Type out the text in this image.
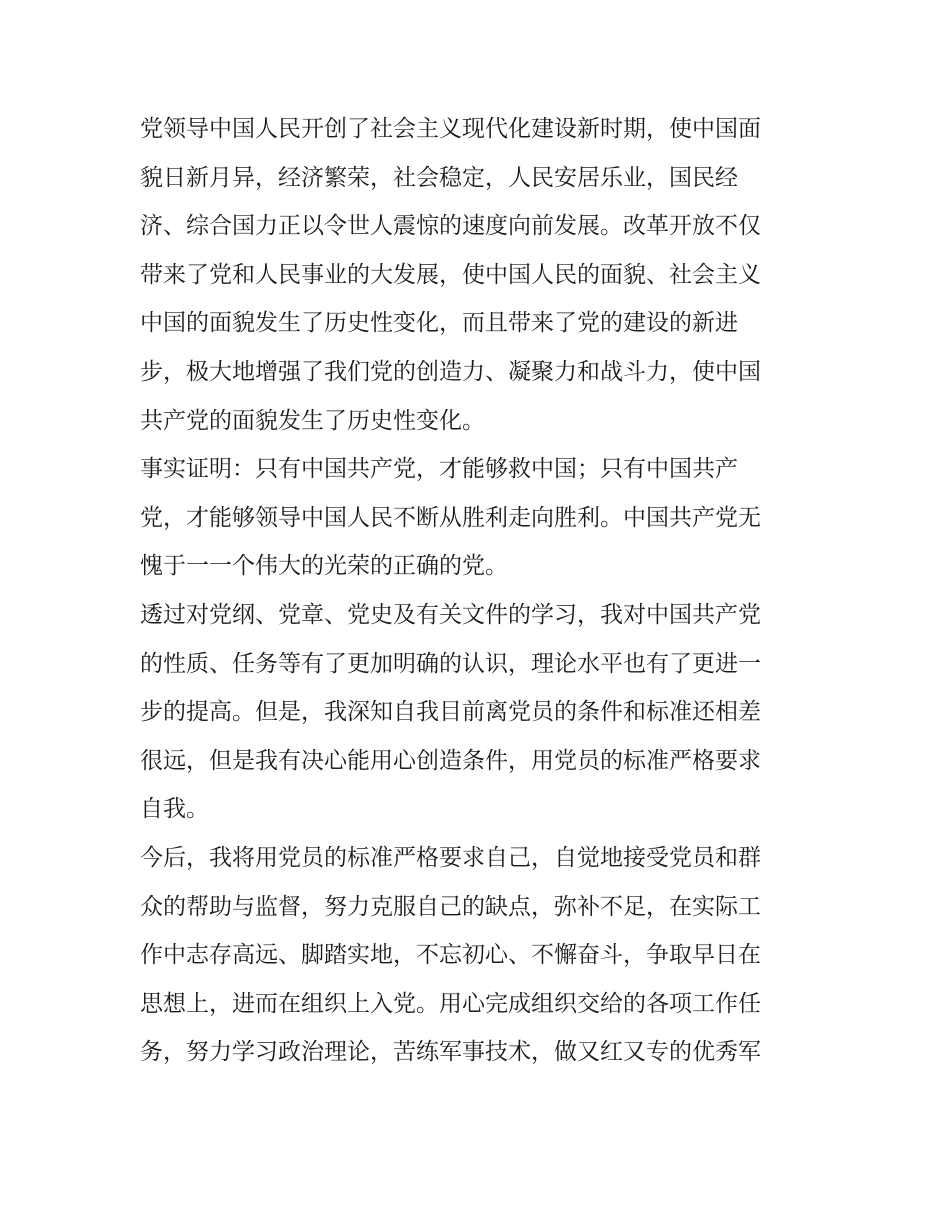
党领导中国人民开创了社会主义现代化建设新时期，使中国面
貌日新月异，经济繁荣，社会稳定，人民安居乐业，国民经
济、综合国力正以令世人震惊的速度向前发展。改革开放不仅
带来了党和人民事业的大发展，使中国人民的面貌、社会主义
中国的面貌发生了历史性变化，而且带来了党的建设的新进
步，极大地增强了我们党的创造力、凝聚力和战斗力，使中国
共产党的面貌发生了历史性变化。
事实证明：只有中国共产党，才能够救中国；只有中国共产
党，才能够领导中国人民不断从胜利走向胜利。中国共产党无
愧于一一个伟大的光荣的正确的党。
透过对党纲、党章、党史及有关文件的学习，我对中国共产党
的性质、任务等有了更加明确的认识，理论水平也有了更进一
步的提高。但是，我深知自我目前离党员的条件和标准还相差
很远，但是我有决心能用心创造条件，用党员的标准严格要求
自我。
今后，我将用党员的标准严格要求自己，自觉地接受党员和群
众的帮助与监督，努力克服自己的缺点，弥补不足，在实际工
作中志存高远、脚踏实地，不忘初心、不懈奋斗，争取早日在
思想上，进而在组织上入党。用心完成组织交给的各项工作任
务，努力学习政治理论，苦练军事技术，做又红又专的优秀军
